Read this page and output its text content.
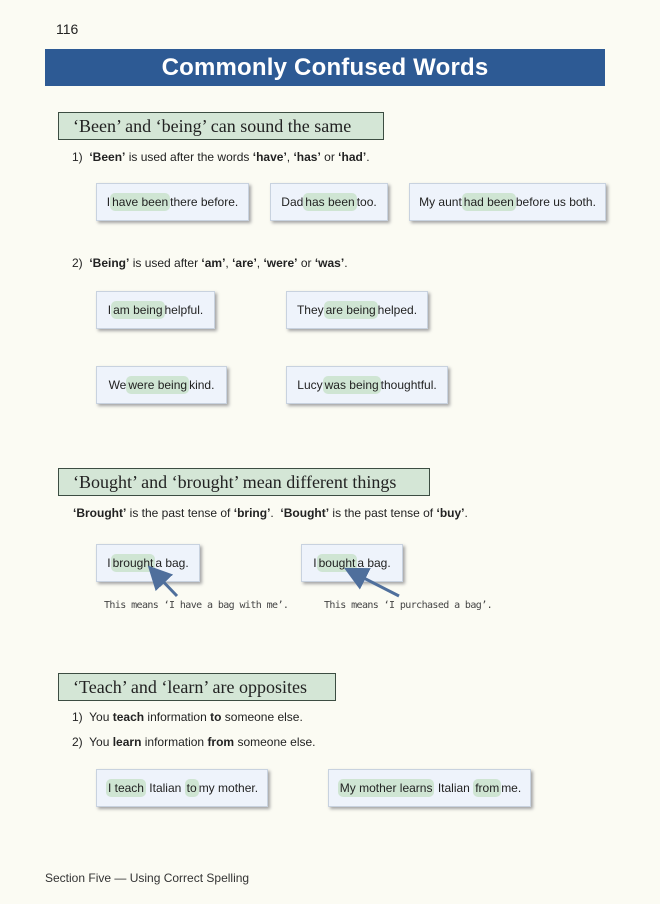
116
Commonly Confused Words
‘Been’ and ‘being’ can sound the same
1) ‘Been’ is used after the words ‘have’, ‘has’ or ‘had’.
I have been there before.	Dad has been too.	My aunt had been before us both.
2) ‘Being’ is used after ‘am’, ‘are’, ‘were’ or ‘was’.
I am being helpful.	They are being helped.
We were being kind.	Lucy was being thoughtful.
‘Bought’ and ‘brought’ mean different things
‘Brought’ is the past tense of ‘bring’.  ‘Bought’ is the past tense of ‘buy’.
I brought a bag.	I bought a bag.
This means ‘I have a bag with me’.	This means ‘I purchased a bag’.
‘Teach’ and ‘learn’ are opposites
1) You teach information to someone else.
2) You learn information from someone else.
I teach Italian to my mother.	My mother learns Italian from me.
Section Five — Using Correct Spelling
